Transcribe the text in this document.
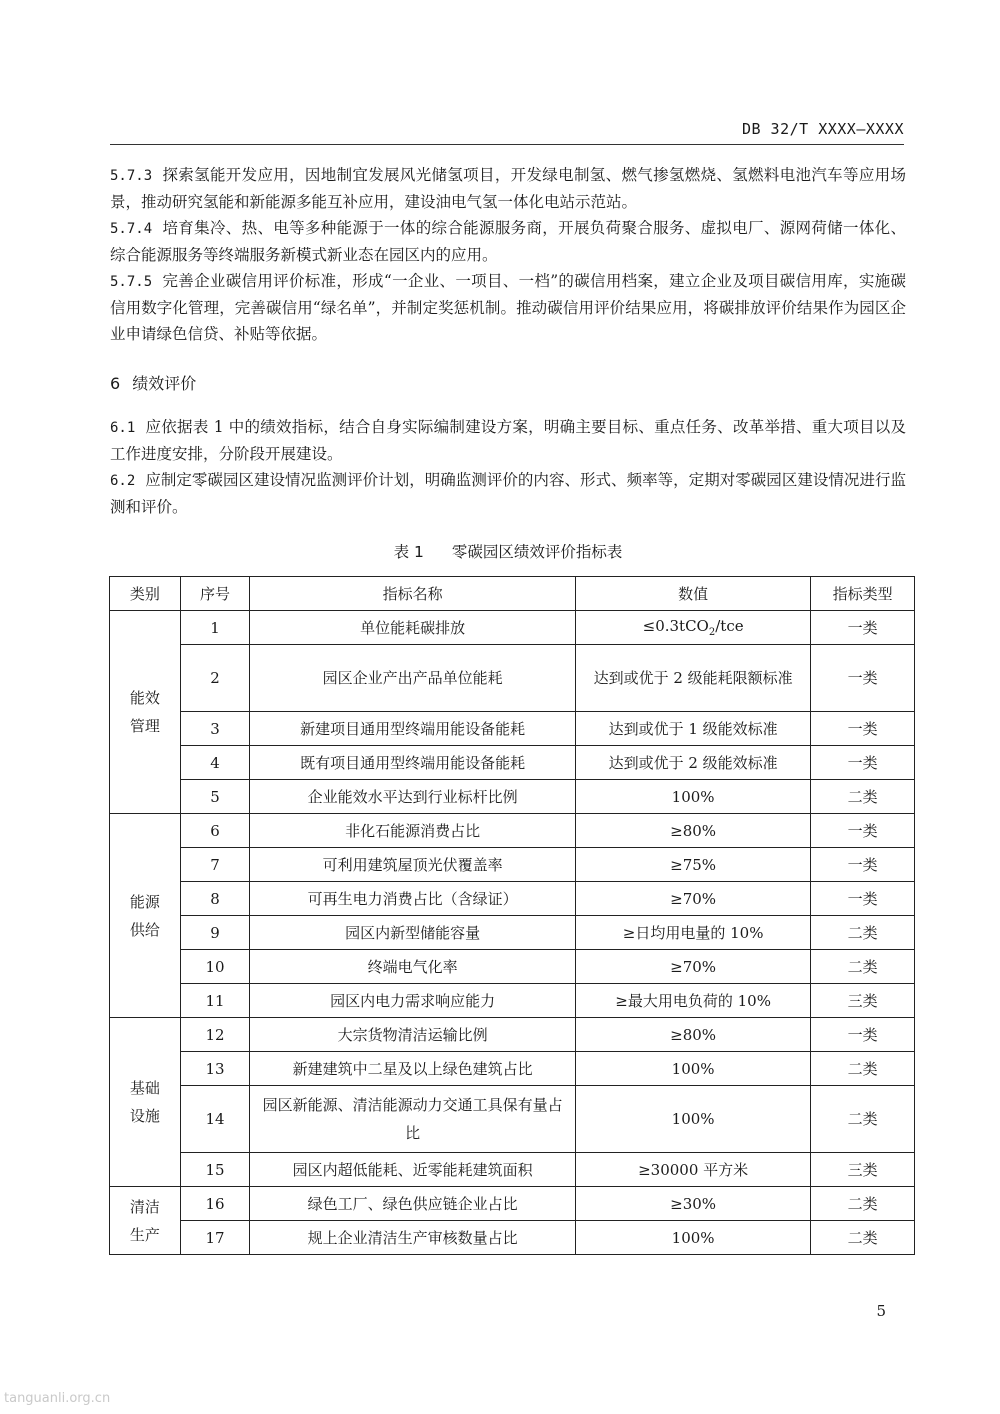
DB 32/T XXXX—XXXX

5.7.3 探索氢能开发应用，因地制宜发展风光储氢项目，开发绿电制氢、燃气掺氢燃烧、氢燃料电池汽车等应用场景，推动研究氢能和新能源多能互补应用，建设油电气氢一体化电站示范站。

5.7.4 培育集冷、热、电等多种能源于一体的综合能源服务商，开展负荷聚合服务、虚拟电厂、源网荷储一体化、综合能源服务等终端服务新模式新业态在园区内的应用。

5.7.5 完善企业碳信用评价标准，形成“一企业、一项目、一档”的碳信用档案，建立企业及项目碳信用库，实施碳信用数字化管理，完善碳信用“绿名单”，并制定奖惩机制。推动碳信用评价结果应用，将碳排放评价结果作为园区企业申请绿色信贷、补贴等依据。

6 绩效评价

6.1 应依据表 1 中的绩效指标，结合自身实际编制建设方案，明确主要目标、重点任务、改革举措、重大项目以及工作进度安排，分阶段开展建设。

6.2 应制定零碳园区建设情况监测评价计划，明确监测评价的内容、形式、频率等，定期对零碳园区建设情况进行监测和评价。

表 1 零碳园区绩效评价指标表
类别	序号	指标名称	数值	指标类型
能效
管理	1	单位能耗碳排放	≤0.3tCO$_2$/tce	一类
	2	园区企业产出产品单位能耗	达到或优于 2 级能耗限额标准	一类
	3	新建项目通用型终端用能设备能耗	达到或优于 1 级能效标准	一类
	4	既有项目通用型终端用能设备能耗	达到或优于 2 级能效标准	一类
	5	企业能效水平达到行业标杆比例	100%	二类
能源
供给	6	非化石能源消费占比	≥80%	一类
	7	可利用建筑屋顶光伏覆盖率	≥75%	一类
	8	可再生电力消费占比（含绿证）	≥70%	一类
	9	园区内新型储能容量	≥日均用电量的 10%	二类
	10	终端电气化率	≥70%	二类
	11	园区内电力需求响应能力	≥最大用电负荷的 10%	三类
基础
设施	12	大宗货物清洁运输比例	≥80%	一类
	13	新建建筑中二星及以上绿色建筑占比	100%	二类
	14	园区新能源、清洁能源动力交通工具保有量占比	100%	二类
	15	园区内超低能耗、近零能耗建筑面积	≥30000 平方米	三类
清洁
生产	16	绿色工厂、绿色供应链企业占比	≥30%	二类
	17	规上企业清洁生产审核数量占比	100%	二类
5
tanguanli.org.cn
